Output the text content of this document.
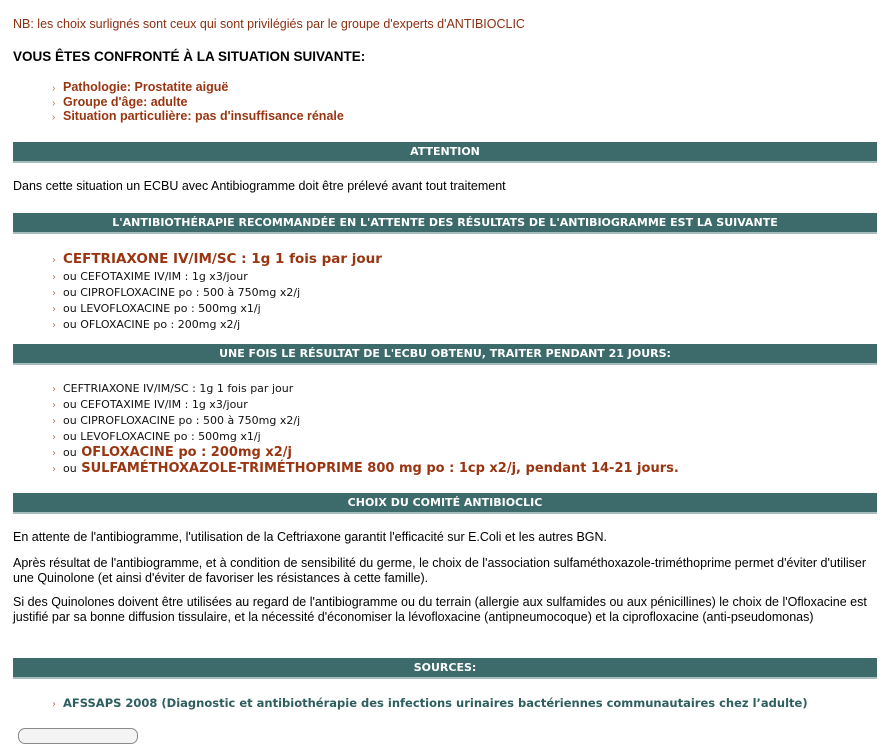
NB: les choix surlignés sont ceux qui sont privilégiés par le groupe d'experts d'ANTIBIOCLIC
VOUS ÊTES CONFRONTÉ À LA SITUATION SUIVANTE:
› Pathologie: Prostatite aiguë
› Groupe d'âge: adulte
› Situation particulière: pas d'insuffisance rénale
ATTENTION

Dans cette situation un ECBU avec Antibiogramme doit être prélevé avant tout traitement

L'ANTIBIOTHÉRAPIE RECOMMANDÉE EN L'ATTENTE DES RÉSULTATS DE L'ANTIBIOGRAMME EST LA SUIVANTE
› CEFTRIAXONE IV/IM/SC : 1g 1 fois par jour
› ou CEFOTAXIME IV/IM : 1g x3/jour
› ou CIPROFLOXACINE po : 500 à 750mg x2/j
› ou LEVOFLOXACINE po : 500mg x1/j
› ou OFLOXACINE po : 200mg x2/j
UNE FOIS LE RÉSULTAT DE L'ECBU OBTENU, TRAITER PENDANT 21 JOURS:
› CEFTRIAXONE IV/IM/SC : 1g 1 fois par jour
› ou CEFOTAXIME IV/IM : 1g x3/jour
› ou CIPROFLOXACINE po : 500 à 750mg x2/j
› ou LEVOFLOXACINE po : 500mg x1/j
› ou OFLOXACINE po : 200mg x2/j
› ou SULFAMÉTHOXAZOLE-TRIMÉTHOPRIME 800 mg po : 1cp x2/j, pendant 14-21 jours.
CHOIX DU COMITÉ ANTIBIOCLIC

En attente de l'antibiogramme, l'utilisation de la Ceftriaxone garantit l'efficacité sur E.Coli et les autres BGN.

Après résultat de l'antibiogramme, et à condition de sensibilité du germe, le choix de l'association sulfaméthoxazole-triméthoprime permet d'éviter d'utiliser une Quinolone (et ainsi d'éviter de favoriser les résistances à cette famille).

Si des Quinolones doivent être utilisées au regard de l'antibiogramme ou du terrain (allergie aux sulfamides ou aux pénicillines) le choix de l'Ofloxacine est justifié par sa bonne diffusion tissulaire, et la nécessité d'économiser la lévofloxacine (antipneumocoque) et la ciprofloxacine (anti-pseudomonas)

SOURCES:
› AFSSAPS 2008 (Diagnostic et antibiothérapie des infections urinaires bactériennes communautaires chez l’adulte)
